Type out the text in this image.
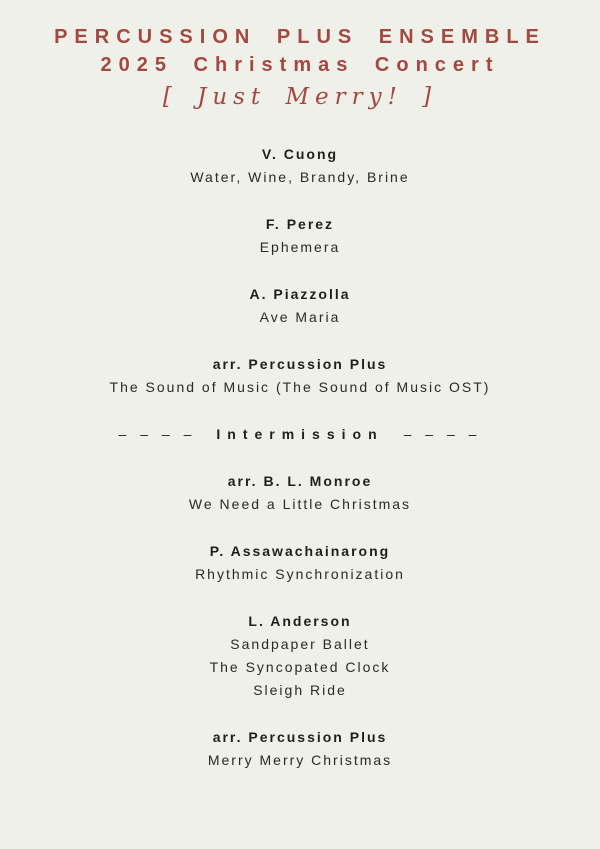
PERCUSSION PLUS ENSEMBLE
2025 Christmas Concert
[ Just Merry! ]
V. Cuong
Water, Wine, Brandy, Brine
F. Perez
Ephemera
A. Piazzolla
Ave Maria
arr. Percussion Plus
The Sound of Music (The Sound of Music OST)
– – – – Intermission – – – –
arr. B. L. Monroe
We Need a Little Christmas
P. Assawachainarong
Rhythmic Synchronization
L. Anderson
Sandpaper Ballet
The Syncopated Clock
Sleigh Ride
arr. Percussion Plus
Merry Merry Christmas
